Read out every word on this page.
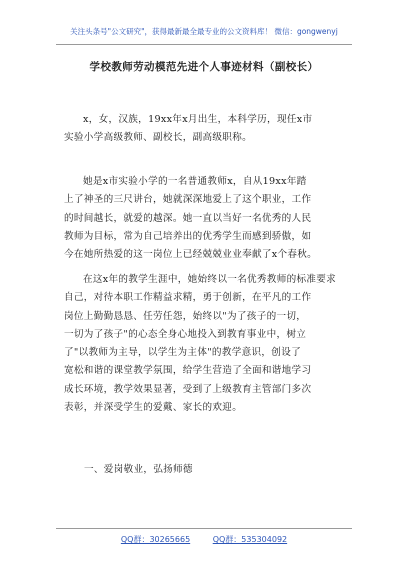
关注头条号"公文研究"，获得最新最全最专业的公文资料库！ 微信：gongwenyj
学校教师劳动模范先进个人事迹材料（副校长）
x，女，汉族，19xx年x月出生，本科学历，现任x市
实验小学高级教师、副校长，副高级职称。
她是x市实验小学的一名普通教师x，自从19xx年踏
上了神圣的三尺讲台，她就深深地爱上了这个职业，工作
的时间越长，就爱的越深。她一直以当好一名优秀的人民
教师为目标，常为自己培养出的优秀学生而感到骄傲，如
今在她所热爱的这一岗位上已经兢兢业业奉献了x个春秋。
在这x年的教学生涯中，她始终以一名优秀教师的标准要求
自己，对待本职工作精益求精，勇于创新，在平凡的工作
岗位上勤勤恳恳、任劳任怨，始终以"为了孩子的一切，
一切为了孩子"的心态全身心地投入到教育事业中，树立
了"以教师为主导，以学生为主体"的教学意识，创设了
宽松和谐的课堂教学氛围，给学生营造了全面和谐地学习
成长环境，教学效果显著，受到了上级教育主管部门多次
表彰，并深受学生的爱戴、家长的欢迎。
一、爱岗敬业，弘扬师德
QQ群：30265665	QQ群：535304092
